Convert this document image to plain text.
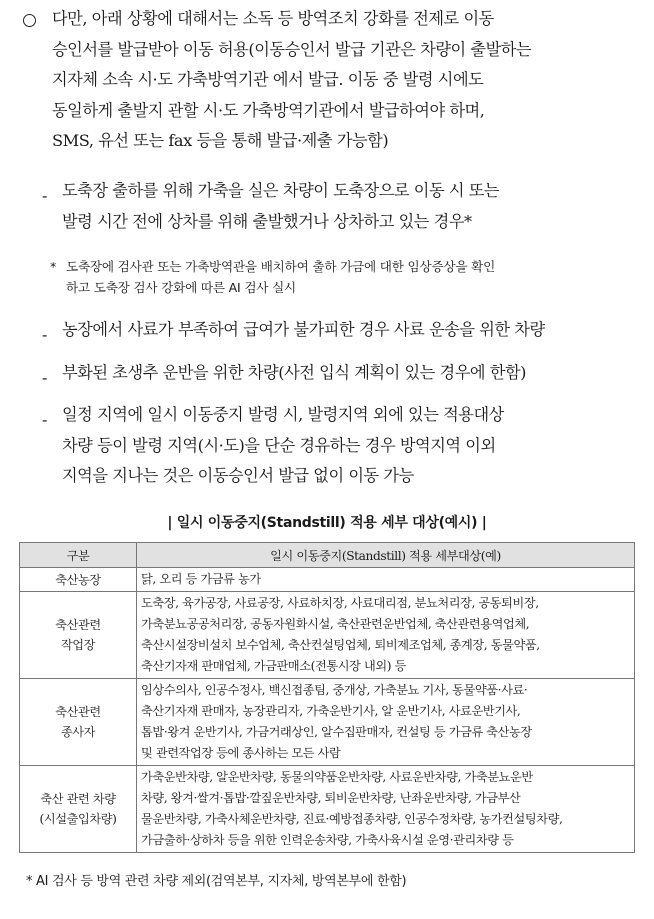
다만, 아래 상황에 대해서는 소독 등 방역조치 강화를 전제로 이동
승인서를 발급받아 이동 허용(이동승인서 발급 기관은 차량이 출발하는
지자체 소속 시·도 가축방역기관 에서 발급. 이동 중 발령 시에도
동일하게 출발지 관할 시·도 가축방역기관에서 발급하여야 하며,
SMS, 유선 또는 fax 등을 통해 발급·제출 가능함)
- 도축장 출하를 위해 가축을 실은 차량이 도축장으로 이동 시 또는
발령 시간 전에 상차를 위해 출발했거나 상차하고 있는 경우*
* 도축장에 검사관 또는 가축방역관을 배치하여 출하 가금에 대한 임상증상을 확인
하고 도축장 검사 강화에 따른 AI 검사 실시
- 농장에서 사료가 부족하여 급여가 불가피한 경우 사료 운송을 위한 차량
- 부화된 초생추 운반을 위한 차량(사전 입식 계획이 있는 경우에 한함)
- 일정 지역에 일시 이동중지 발령 시, 발령지역 외에 있는 적용대상
차량 등이 발령 지역(시·도)을 단순 경유하는 경우 방역지역 이외
지역을 지나는 것은 이동승인서 발급 없이 이동 가능
| 일시 이동중지(Standstill) 적용 세부 대상(예시) |
구분	일시 이동중지(Standstill) 적용 세부대상(예)

축산농장	닭, 오리 등 가금류 농가

축산관련
작업장	도축장, 육가공장, 사료공장, 사료하치장, 사료대리점, 분뇨처리장, 공동퇴비장,
가축분뇨공공처리장, 공동자원화시설, 축산관련운반업체, 축산관련용역업체,
축산시설장비설치 보수업체, 축산컨설팅업체, 퇴비제조업체, 종계장, 동물약품,
축산기자재 판매업체, 가금판매소(전통시장 내외) 등

축산관련
종사자	임상수의사, 인공수정사, 백신접종팀, 중개상, 가축분뇨 기사, 동물약품·사료·
축산기자재 판매자, 농장관리자, 가축운반기사, 알 운반기사, 사료운반기사,
톱밥·왕겨 운반기사, 가금거래상인, 알수집판매자, 컨설팅 등 가금류 축산농장
및 관련작업장 등에 종사하는 모든 사람

축산 관련 차량
(시설출입차량)	가축운반차량, 알운반차량, 동물의약품운반차량, 사료운반차량, 가축분뇨운반
차량, 왕겨·쌀겨·톱밥·깔짚운반차량, 퇴비운반차량, 난좌운반차량, 가금부산
물운반차량, 가축사체운반차량, 진료·예방접종차량, 인공수정차량, 농가컨설팅차량,
가금출하·상하차 등을 위한 인력운송차량, 가축사육시설 운영·관리차량 등
* AI 검사 등 방역 관련 차량 제외(검역본부, 지자체, 방역본부에 한함)
